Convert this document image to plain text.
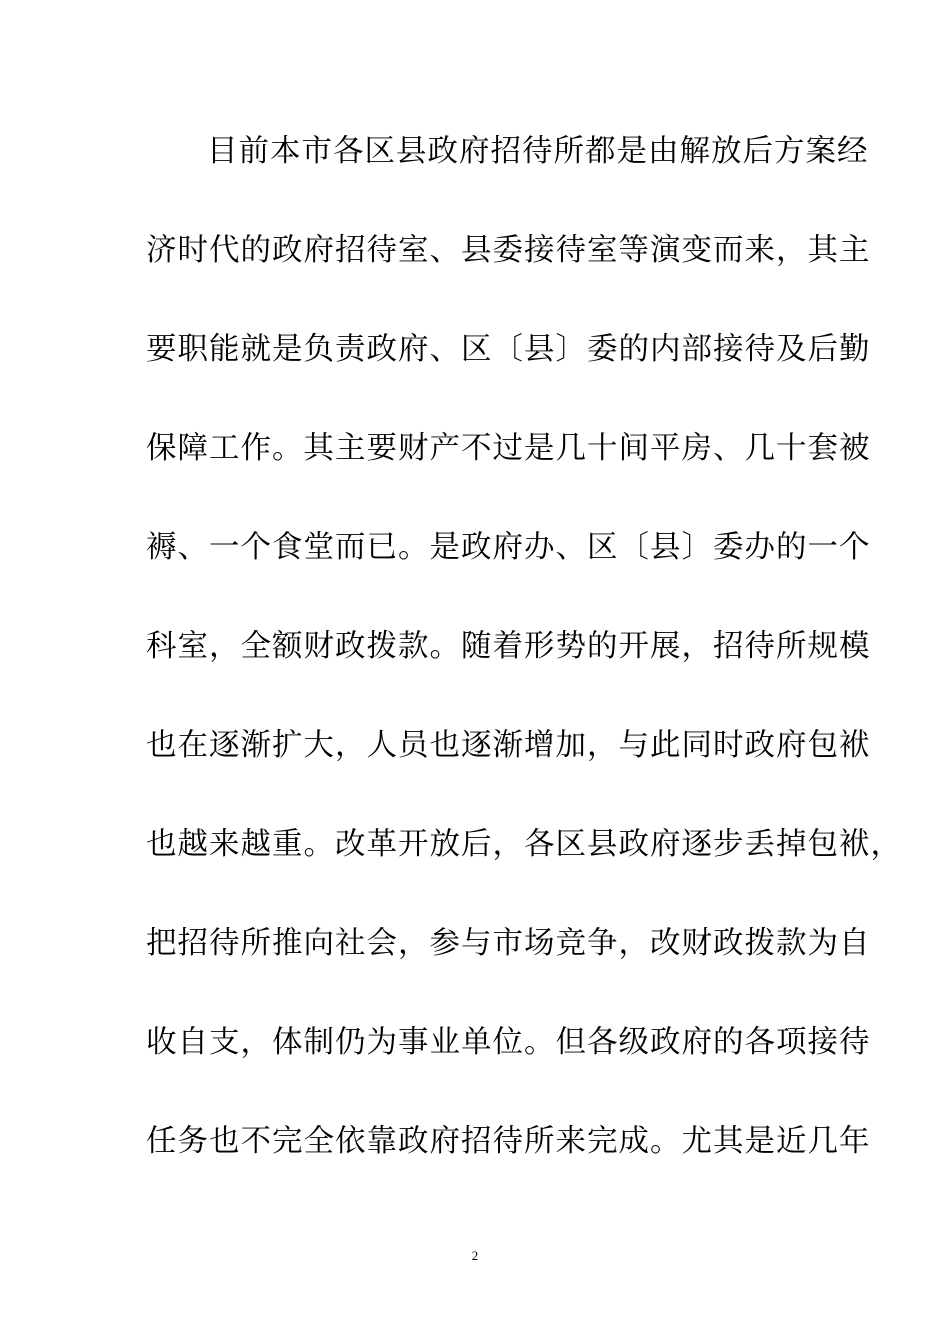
目前本市各区县政府招待所都是由解放后方案经
济时代的政府招待室、县委接待室等演变而来，其主
要职能就是负责政府、区〔县〕委的内部接待及后勤
保障工作。其主要财产不过是几十间平房、几十套被
褥、一个食堂而已。是政府办、区〔县〕委办的一个
科室，全额财政拨款。随着形势的开展，招待所规模
也在逐渐扩大，人员也逐渐增加，与此同时政府包袱
也越来越重。改革开放后，各区县政府逐步丢掉包袱，
把招待所推向社会，参与市场竞争，改财政拨款为自
收自支，体制仍为事业单位。但各级政府的各项接待
任务也不完全依靠政府招待所来完成。尤其是近几年
2
